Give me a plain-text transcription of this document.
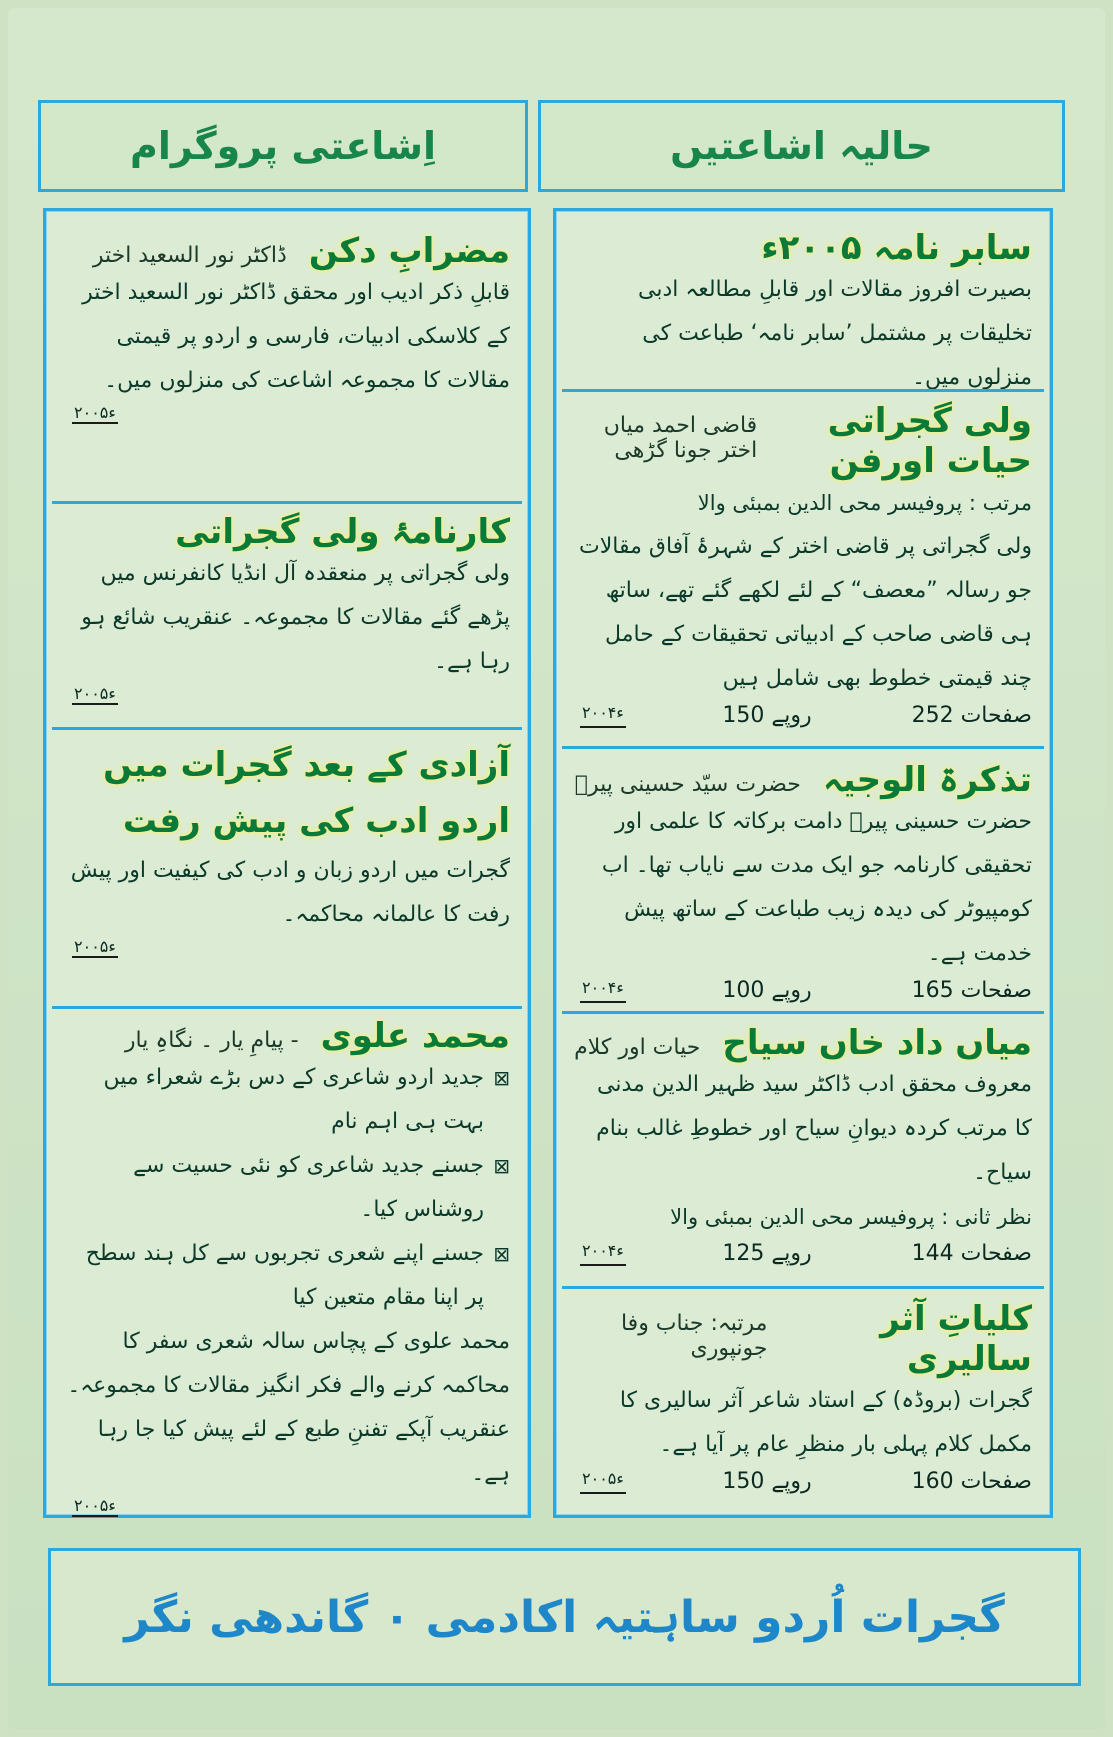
حالیہ اشاعتیں
اِشاعتی پروگرام
سابر نامہ ۲۰۰۵ء

بصیرت افروز مقالات اور قابلِ مطالعہ ادبی تخلیقات پر مشتمل ’سابر نامہ‘ طباعت کی منزلوں میں۔

ولی گجراتی حیات اورفن
قاضی احمد میاں اختر جونا گڑھی

مرتب : پروفیسر محی الدین بمبئی والا

ولی گجراتی پر قاضی اختر کے شہرۂ آفاق مقالات جو رسالہ ”معصف“ کے لئے لکھے گئے تھے، ساتھ ہی قاضی صاحب کے ادبیاتی تحقیقات کے حامل چند قیمتی خطوط بھی شامل ہیں

252 صفحات
150 روپے
۲۰۰۴ء
تذکرۃ الوجیہ
حضرت سیّد حسینی پیرؒ

حضرت حسینی پیرؒ دامت برکاتہ کا علمی اور تحقیقی کارنامہ جو ایک مدت سے نایاب تھا۔ اب کومپیوٹر کی دیدہ زیب طباعت کے ساتھ پیش خدمت ہے۔

165 صفحات
100 روپے
۲۰۰۴ء
میاں داد خاں سیاح
حیات اور کلام

معروف محقق ادب ڈاکٹر سید ظہیر الدین مدنی کا مرتب کردہ دیوانِ سیاح اور خطوطِ غالب بنام سیاح۔

نظر ثانی : پروفیسر محی الدین بمبئی والا

144 صفحات
125 روپے
۲۰۰۴ء
کلیاتِ آثر سالیری
مرتبہ: جناب وفا جونپوری

گجرات (بروڈہ) کے استاد شاعر آثر سالیری کا مکمل کلام پہلی بار منظرِ عام پر آیا ہے۔

160 صفحات
150 روپے
۲۰۰۵ء
مضرابِ دکن
ڈاکٹر نور السعید اختر

قابلِ ذکر ادیب اور محقق ڈاکٹر نور السعید اختر کے کلاسکی ادبیات، فارسی و اردو پر قیمتی مقالات کا مجموعہ اشاعت کی منزلوں میں۔

۲۰۰۵ء
کارنامۂ ولی گجراتی

ولی گجراتی پر منعقدہ آل انڈیا کانفرنس میں پڑھے گئے مقالات کا مجموعہ۔ عنقریب شائع ہو رہا ہے۔

۲۰۰۵ء
آزادی کے بعد گجرات میں اردو ادب کی پیش رفت

گجرات میں اردو زبان و ادب کی کیفیت اور پیش رفت کا عالمانہ محاکمہ۔

۲۰۰۵ء
محمد علوی
- پیامِ یار ۔ نگاہِ یار
⊠
جدید اردو شاعری کے دس بڑے شعراء میں بہت ہی اہم نام
⊠
جسنے جدید شاعری کو نئی حسیت سے روشناس کیا۔
⊠
جسنے اپنے شعری تجربوں سے کل ہند سطح پر اپنا مقام متعین کیا

محمد علوی کے پچاس سالہ شعری سفر کا محاکمہ کرنے والے فکر انگیز مقالات کا مجموعہ۔ عنقریب آپکے تفننِ طبع کے لئے پیش کیا جا رہا ہے۔

۲۰۰۵ء
گجرات اُردو ساہتیہ اکادمی ۰ گاندھی نگر
